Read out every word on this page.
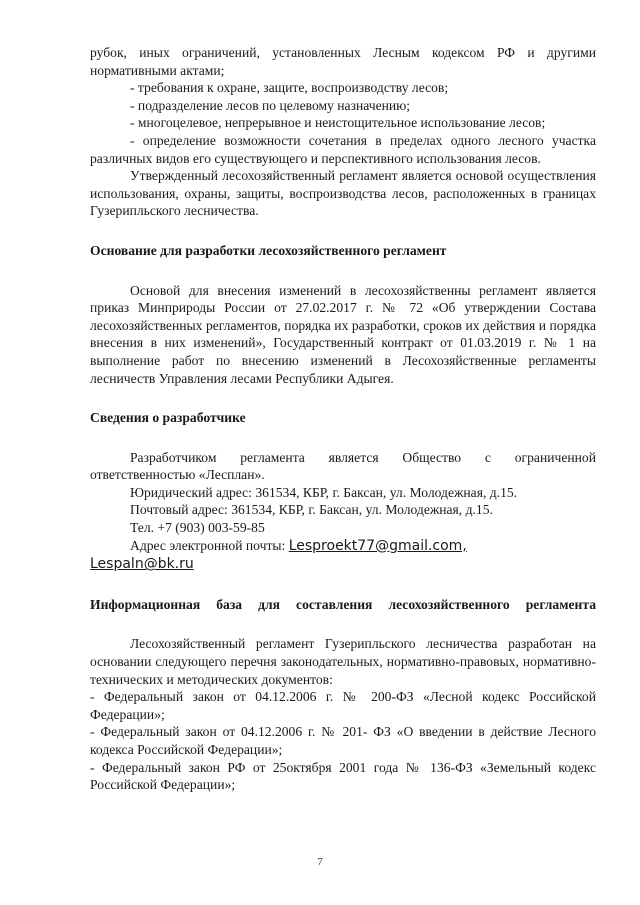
рубок, иных ограничений, установленных Лесным кодексом РФ и другими нормативными актами;

- требования к охране, защите, воспроизводству лесов;

- подразделение лесов по целевому назначению;

- многоцелевое, непрерывное и неистощительное использование лесов;

- определение возможности сочетания в пределах одного лесного участка различных видов его существующего и перспективного использования лесов.

Утвержденный лесохозяйственный регламент является основой осуществления использования, охраны, защиты, воспроизводства лесов, расположенных в границах Гузерипльского лесничества.

Основание для разработки лесохозяйственного регламент

Основой для внесения изменений в лесохозяйственны регламент является приказ Минприроды России от 27.02.2017 г. № 72 «Об утверждении Состава лесохозяйственных регламентов, порядка их разработки, сроков их действия и порядка внесения в них изменений», Государственный контракт от 01.03.2019 г. № 1 на выполнение работ по внесению изменений в Лесохозяйственные регламенты лесничеств Управления лесами Республики Адыгея.

Сведения о разработчике

Разработчиком регламента является Общество с ограниченной ответственностью «Лесплан».

Юридический адрес: 361534, КБР, г. Баксан, ул. Молодежная, д.15.

Почтовый адрес: 361534, КБР, г. Баксан, ул. Молодежная, д.15.

Тел. +7 (903) 003-59-85

Адрес электронной почты: Lesproekt77@gmail.com,

Lespaln@bk.ru

Информационная база для составления лесохозяйственного регламента

Лесохозяйственный регламент Гузерипльского лесничества разработан на основании следующего перечня законодательных, нормативно-правовых, нормативно-технических и методических документов:

- Федеральный закон от 04.12.2006 г. № 200-ФЗ «Лесной кодекс Российской Федерации»;

- Федеральный закон от 04.12.2006 г. № 201- ФЗ «О введении в действие Лесного кодекса Российской Федерации»;

- Федеральный закон РФ от 25октября 2001 года № 136-ФЗ «Земельный кодекс Российской Федерации»;

7
